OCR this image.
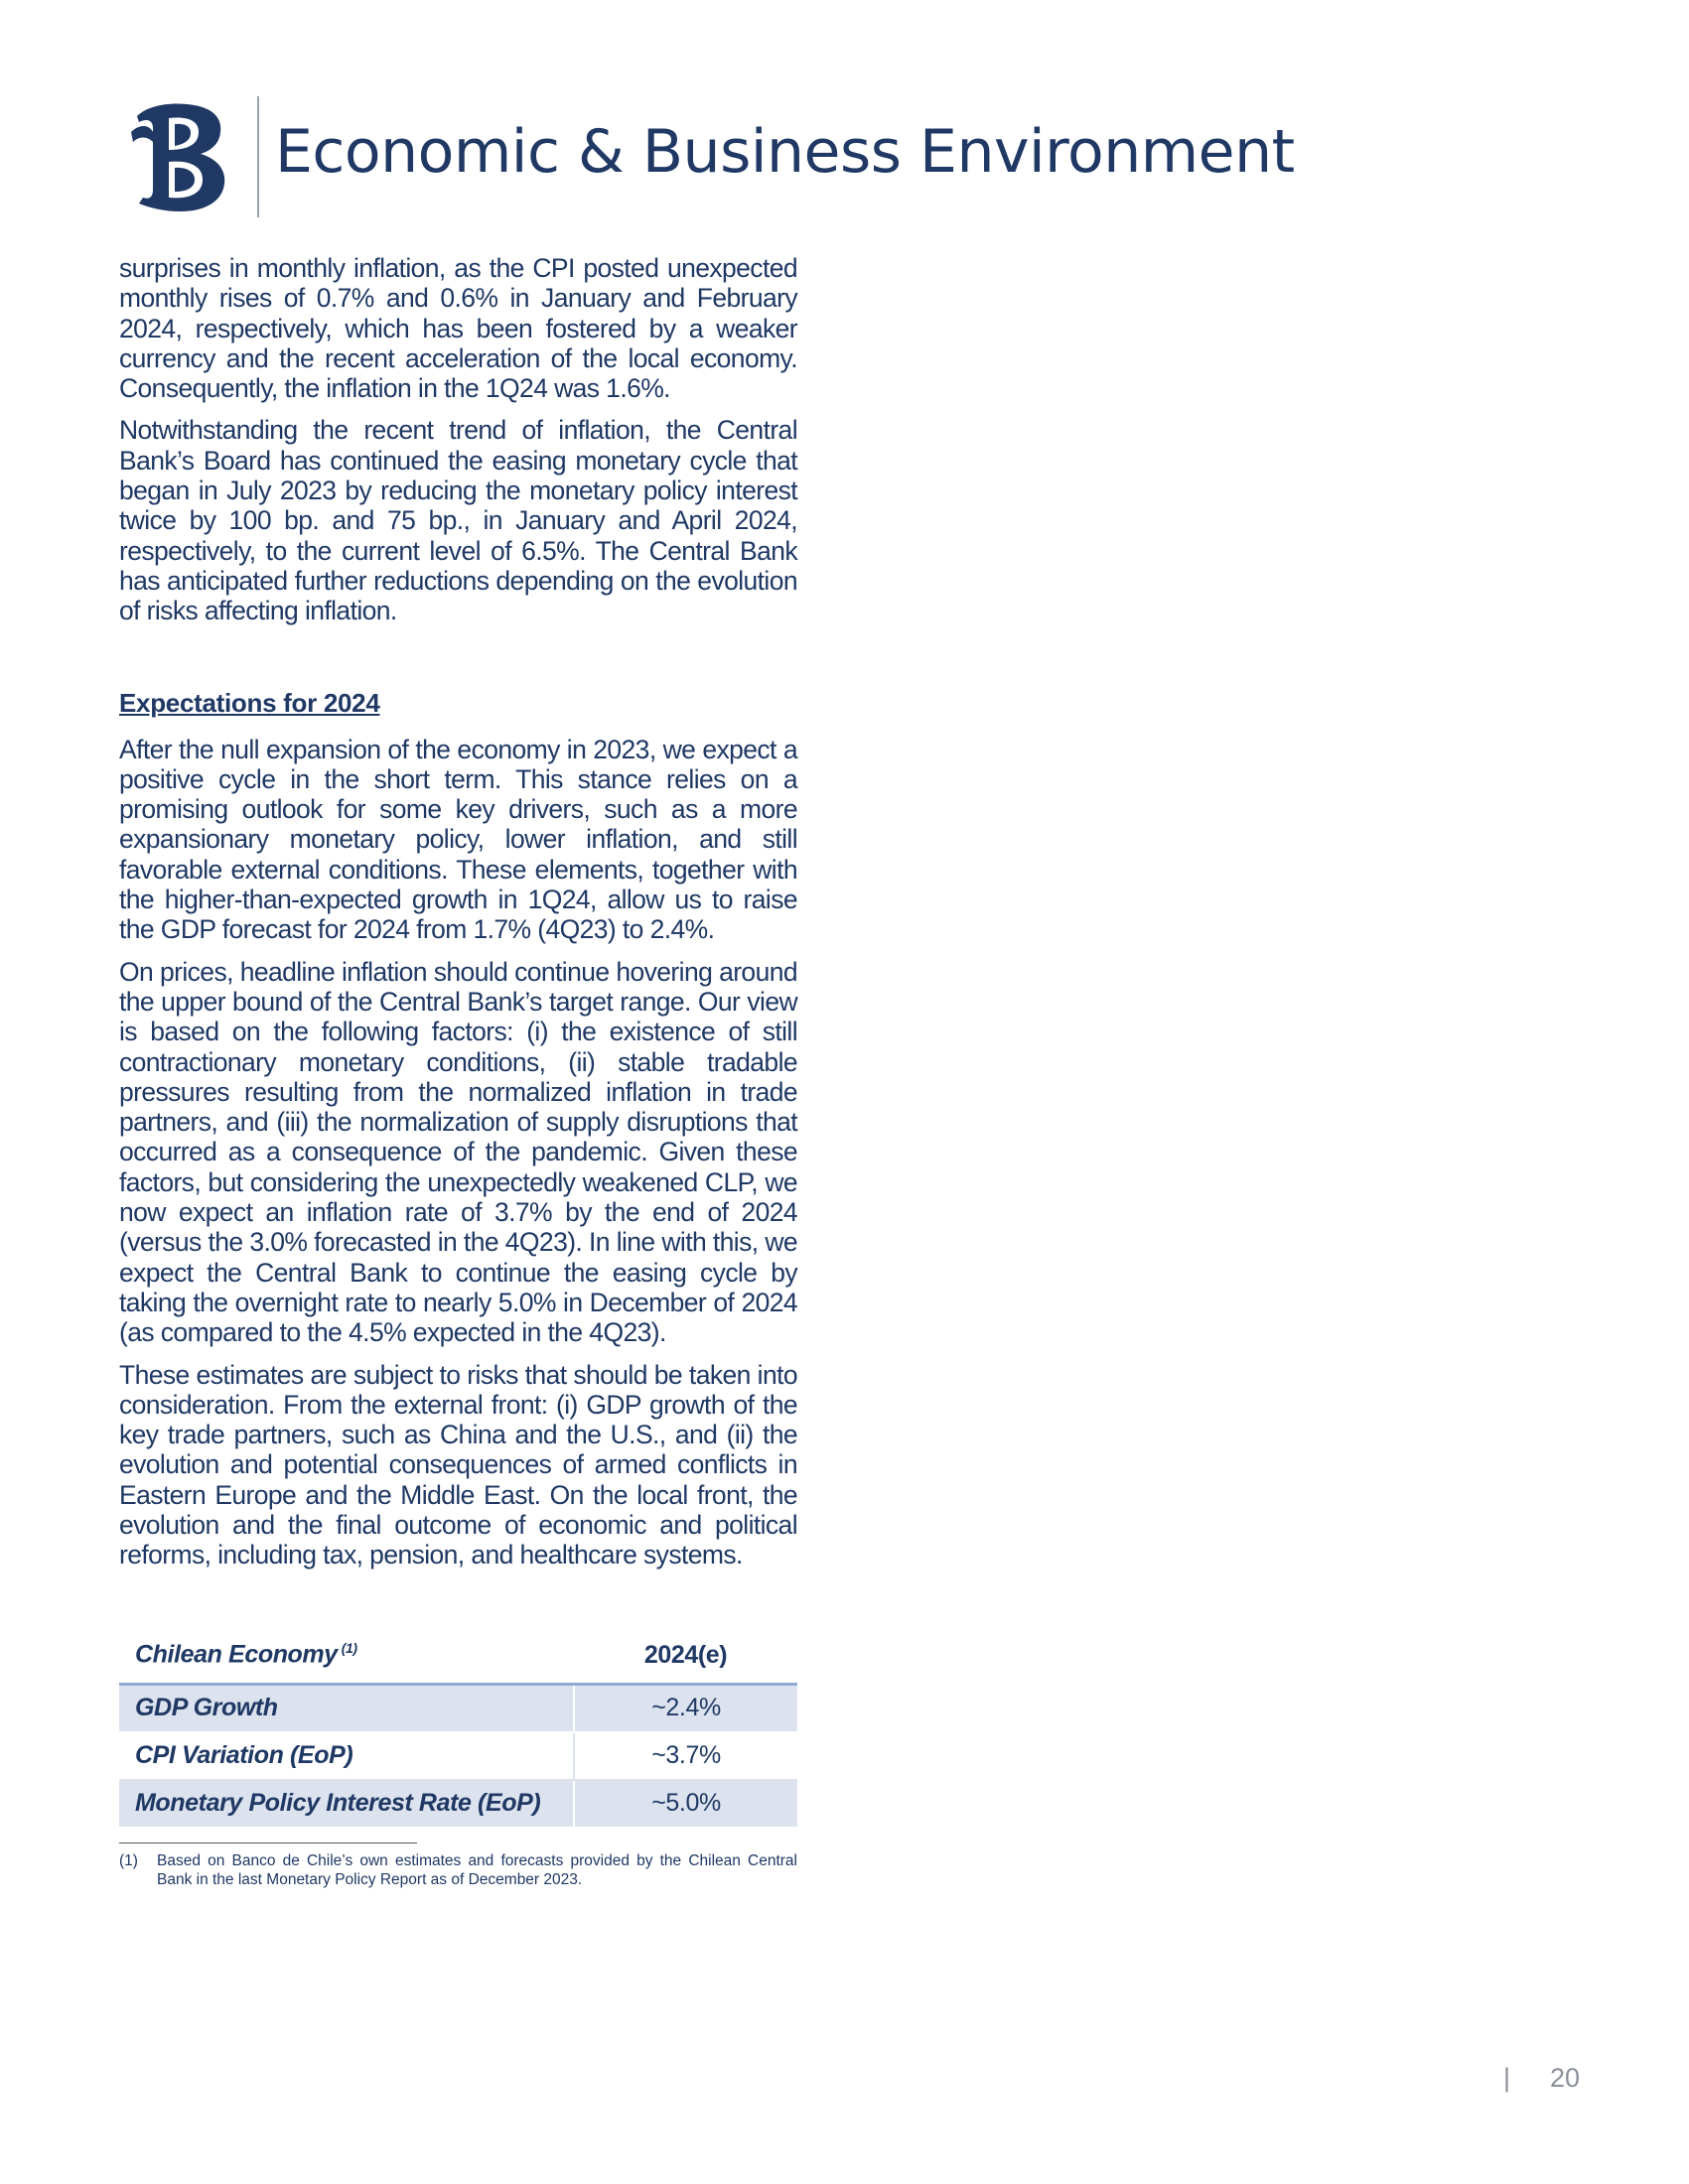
Economic & Business Environment

surprises in monthly inflation, as the CPI posted unexpected monthly rises of 0.7% and 0.6% in January and February 2024, respectively, which has been fostered by a weaker currency and the recent acceleration of the local economy. Consequently, the inflation in the 1Q24 was 1.6%.

Notwithstanding the recent trend of inflation, the Central Bank’s Board has continued the easing monetary cycle that began in July 2023 by reducing the monetary policy interest twice by 100 bp. and 75 bp., in January and April 2024, respectively, to the current level of 6.5%. The Central Bank has anticipated further reductions depending on the evolution of risks affecting inflation.

Expectations for 2024

After the null expansion of the economy in 2023, we expect a positive cycle in the short term. This stance relies on a promising outlook for some key drivers, such as a more expansionary monetary policy, lower inflation, and still favorable external conditions. These elements, together with the higher-than-expected growth in 1Q24, allow us to raise the GDP forecast for 2024 from 1.7% (4Q23) to 2.4%.

On prices, headline inflation should continue hovering around the upper bound of the Central Bank’s target range. Our view is based on the following factors: (i) the existence of still contractionary monetary conditions, (ii) stable tradable pressures resulting from the normalized inflation in trade partners, and (iii) the normalization of supply disruptions that occurred as a consequence of the pandemic. Given these factors, but considering the unexpectedly weakened CLP, we now expect an inflation rate of 3.7% by the end of 2024 (versus the 3.0% forecasted in the 4Q23). In line with this, we expect the Central Bank to continue the easing cycle by taking the overnight rate to nearly 5.0% in December of 2024 (as compared to the 4.5% expected in the 4Q23).

These estimates are subject to risks that should be taken into consideration. From the external front: (i) GDP growth of the key trade partners, such as China and the U.S., and (ii) the evolution and potential consequences of armed conflicts in Eastern Europe and the Middle East. On the local front, the evolution and the final outcome of economic and political reforms, including tax, pension, and healthcare systems.

Chilean Economy $^{(1)}$	2024(e)
GDP Growth	~2.4%
CPI Variation (EoP)	~3.7%
Monetary Policy Interest Rate (EoP)	~5.0%
(1)	Based on Banco de Chile’s own estimates and forecasts provided by the Chilean Central Bank in the last Monetary Policy Report as of December 2023.
| 20
